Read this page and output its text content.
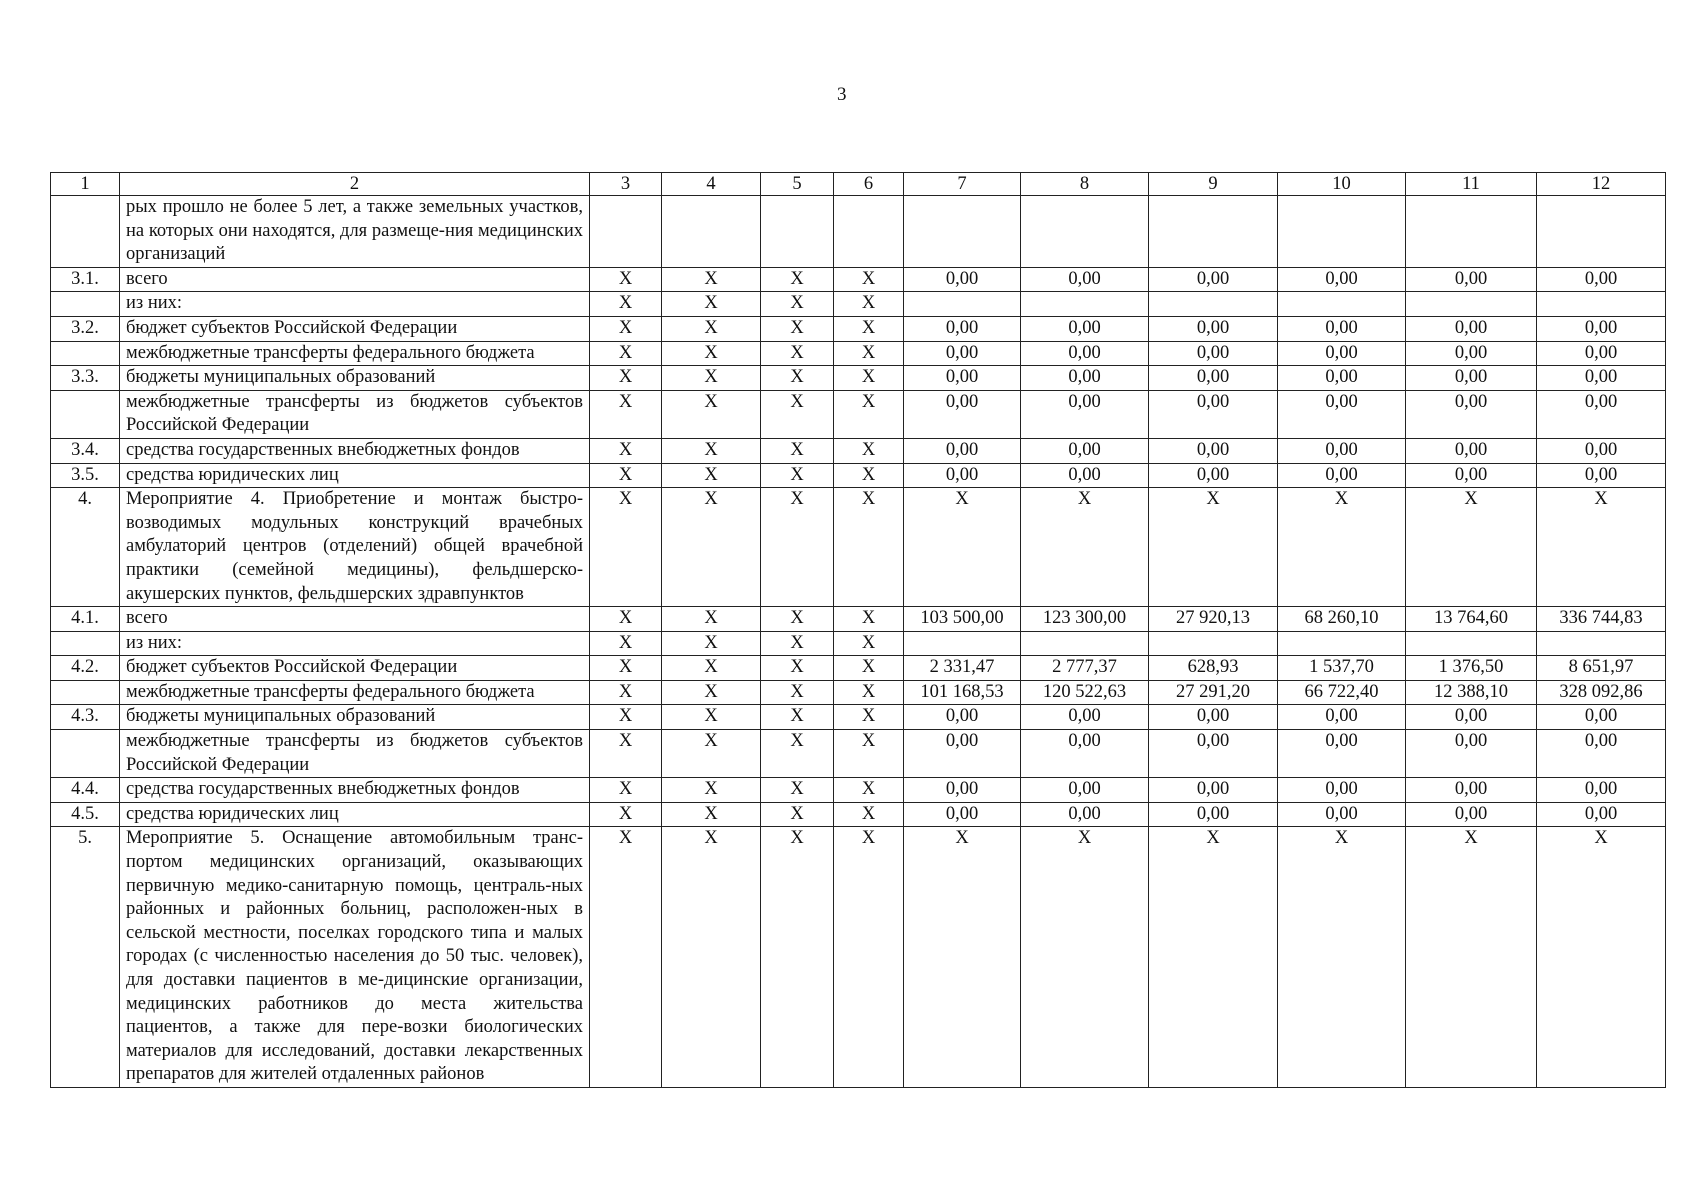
3
1	2	3	4	5	6	7	8	9	10	11	12
	рых прошло не более 5 лет, а также земельных участков, на которых они находятся, для размеще-ния медицинских организаций										
3.1.	всего	X	X	X	X	0,00	0,00	0,00	0,00	0,00	0,00
	из них:	X	X	X	X						
3.2.	бюджет субъектов Российской Федерации	X	X	X	X	0,00	0,00	0,00	0,00	0,00	0,00
	межбюджетные трансферты федерального бюджета	X	X	X	X	0,00	0,00	0,00	0,00	0,00	0,00
3.3.	бюджеты муниципальных образований	X	X	X	X	0,00	0,00	0,00	0,00	0,00	0,00
	межбюджетные трансферты из бюджетов субъектов Российской Федерации	X	X	X	X	0,00	0,00	0,00	0,00	0,00	0,00
3.4.	средства государственных внебюджетных фондов	X	X	X	X	0,00	0,00	0,00	0,00	0,00	0,00
3.5.	средства юридических лиц	X	X	X	X	0,00	0,00	0,00	0,00	0,00	0,00
4.	Мероприятие 4. Приобретение и монтаж быстро-возводимых модульных конструкций врачебных амбулаторий центров (отделений) общей врачебной практики (семейной медицины), фельдшерско-акушерских пунктов, фельдшерских здравпунктов	X	X	X	X	X	X	X	X	X	X
4.1.	всего	X	X	X	X	103 500,00	123 300,00	27 920,13	68 260,10	13 764,60	336 744,83
	из них:	X	X	X	X						
4.2.	бюджет субъектов Российской Федерации	X	X	X	X	2 331,47	2 777,37	628,93	1 537,70	1 376,50	8 651,97
	межбюджетные трансферты федерального бюджета	X	X	X	X	101 168,53	120 522,63	27 291,20	66 722,40	12 388,10	328 092,86
4.3.	бюджеты муниципальных образований	X	X	X	X	0,00	0,00	0,00	0,00	0,00	0,00
	межбюджетные трансферты из бюджетов субъектов Российской Федерации	X	X	X	X	0,00	0,00	0,00	0,00	0,00	0,00
4.4.	средства государственных внебюджетных фондов	X	X	X	X	0,00	0,00	0,00	0,00	0,00	0,00
4.5.	средства юридических лиц	X	X	X	X	0,00	0,00	0,00	0,00	0,00	0,00
5.	Мероприятие 5. Оснащение автомобильным транс-портом медицинских организаций, оказывающих первичную медико-санитарную помощь, централь-ных районных и районных больниц, расположен-ных в сельской местности, поселках городского типа и малых городах (с численностью населения до 50 тыс. человек), для доставки пациентов в ме-дицинские организации, медицинских работников до места жительства пациентов, а также для пере-возки биологических материалов для исследований, доставки лекарственных препаратов для жителей отдаленных районов	X	X	X	X	X	X	X	X	X	X
